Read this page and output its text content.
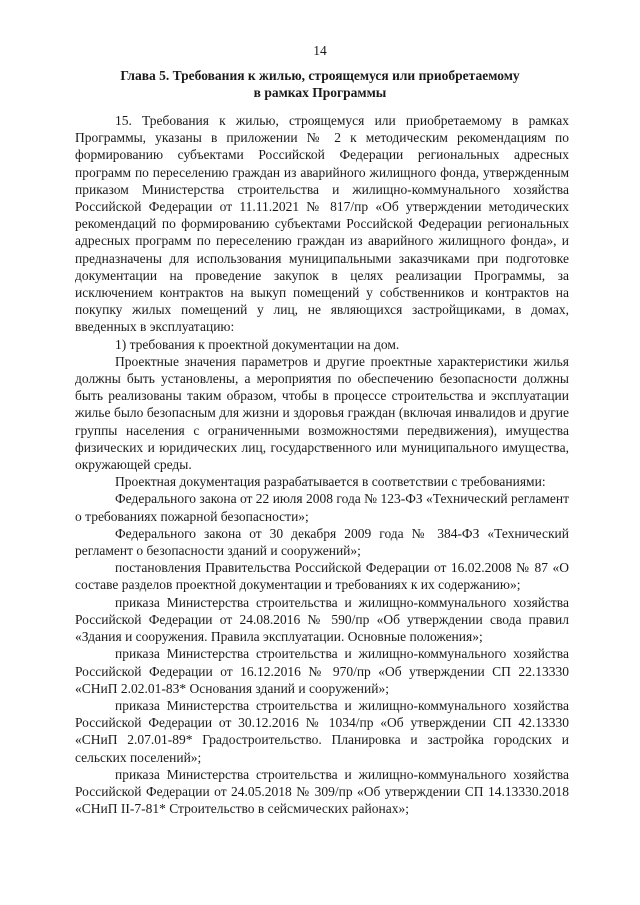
14
Глава 5. Требования к жилью, строящемуся или приобретаемому
в рамках Программы

15. Требования к жилью, строящемуся или приобретаемому в рамках Программы, указаны в приложении № 2 к методическим рекомендациям по формированию субъектами Российской Федерации региональных адресных программ по переселению граждан из аварийного жилищного фонда, утвержденным приказом Министерства строительства и жилищно-коммунального хозяйства Российской Федерации от 11.11.2021 № 817/пр «Об утверждении методических рекомендаций по формированию субъектами Российской Федерации региональных адресных программ по переселению граждан из аварийного жилищного фонда», и предназначены для использования муниципальными заказчиками при подготовке документации на проведение закупок в целях реализации Программы, за исключением контрактов на выкуп помещений у собственников и контрактов на покупку жилых помещений у лиц, не являющихся застройщиками, в домах, введенных в эксплуатацию:

1) требования к проектной документации на дом.

Проектные значения параметров и другие проектные характеристики жилья должны быть установлены, а мероприятия по обеспечению безопасности должны быть реализованы таким образом, чтобы в процессе строительства и эксплуатации жилье было безопасным для жизни и здоровья граждан (включая инвалидов и другие группы населения с ограниченными возможностями передвижения), имущества физических и юридических лиц, государственного или муниципального имущества, окружающей среды.

Проектная документация разрабатывается в соответствии с требованиями:

Федерального закона от 22 июля 2008 года № 123-ФЗ «Технический регламент о требованиях пожарной безопасности»;

Федерального закона от 30 декабря 2009 года № 384-ФЗ «Технический регламент о безопасности зданий и сооружений»;

постановления Правительства Российской Федерации от 16.02.2008 № 87 «О составе разделов проектной документации и требованиях к их содержанию»;

приказа Министерства строительства и жилищно-коммунального хозяйства Российской Федерации от 24.08.2016 № 590/пр «Об утверждении свода правил «Здания и сооружения. Правила эксплуатации. Основные положения»;

приказа Министерства строительства и жилищно-коммунального хозяйства Российской Федерации от 16.12.2016 № 970/пр «Об утверждении СП 22.13330 «СНиП 2.02.01-83* Основания зданий и сооружений»;

приказа Министерства строительства и жилищно-коммунального хозяйства Российской Федерации от 30.12.2016 № 1034/пр «Об утверждении СП 42.13330 «СНиП 2.07.01-89* Градостроительство. Планировка и застройка городских и сельских поселений»;

приказа Министерства строительства и жилищно-коммунального хозяйства Российской Федерации от 24.05.2018 № 309/пр «Об утверждении СП 14.13330.2018 «СНиП II-7-81* Строительство в сейсмических районах»;
